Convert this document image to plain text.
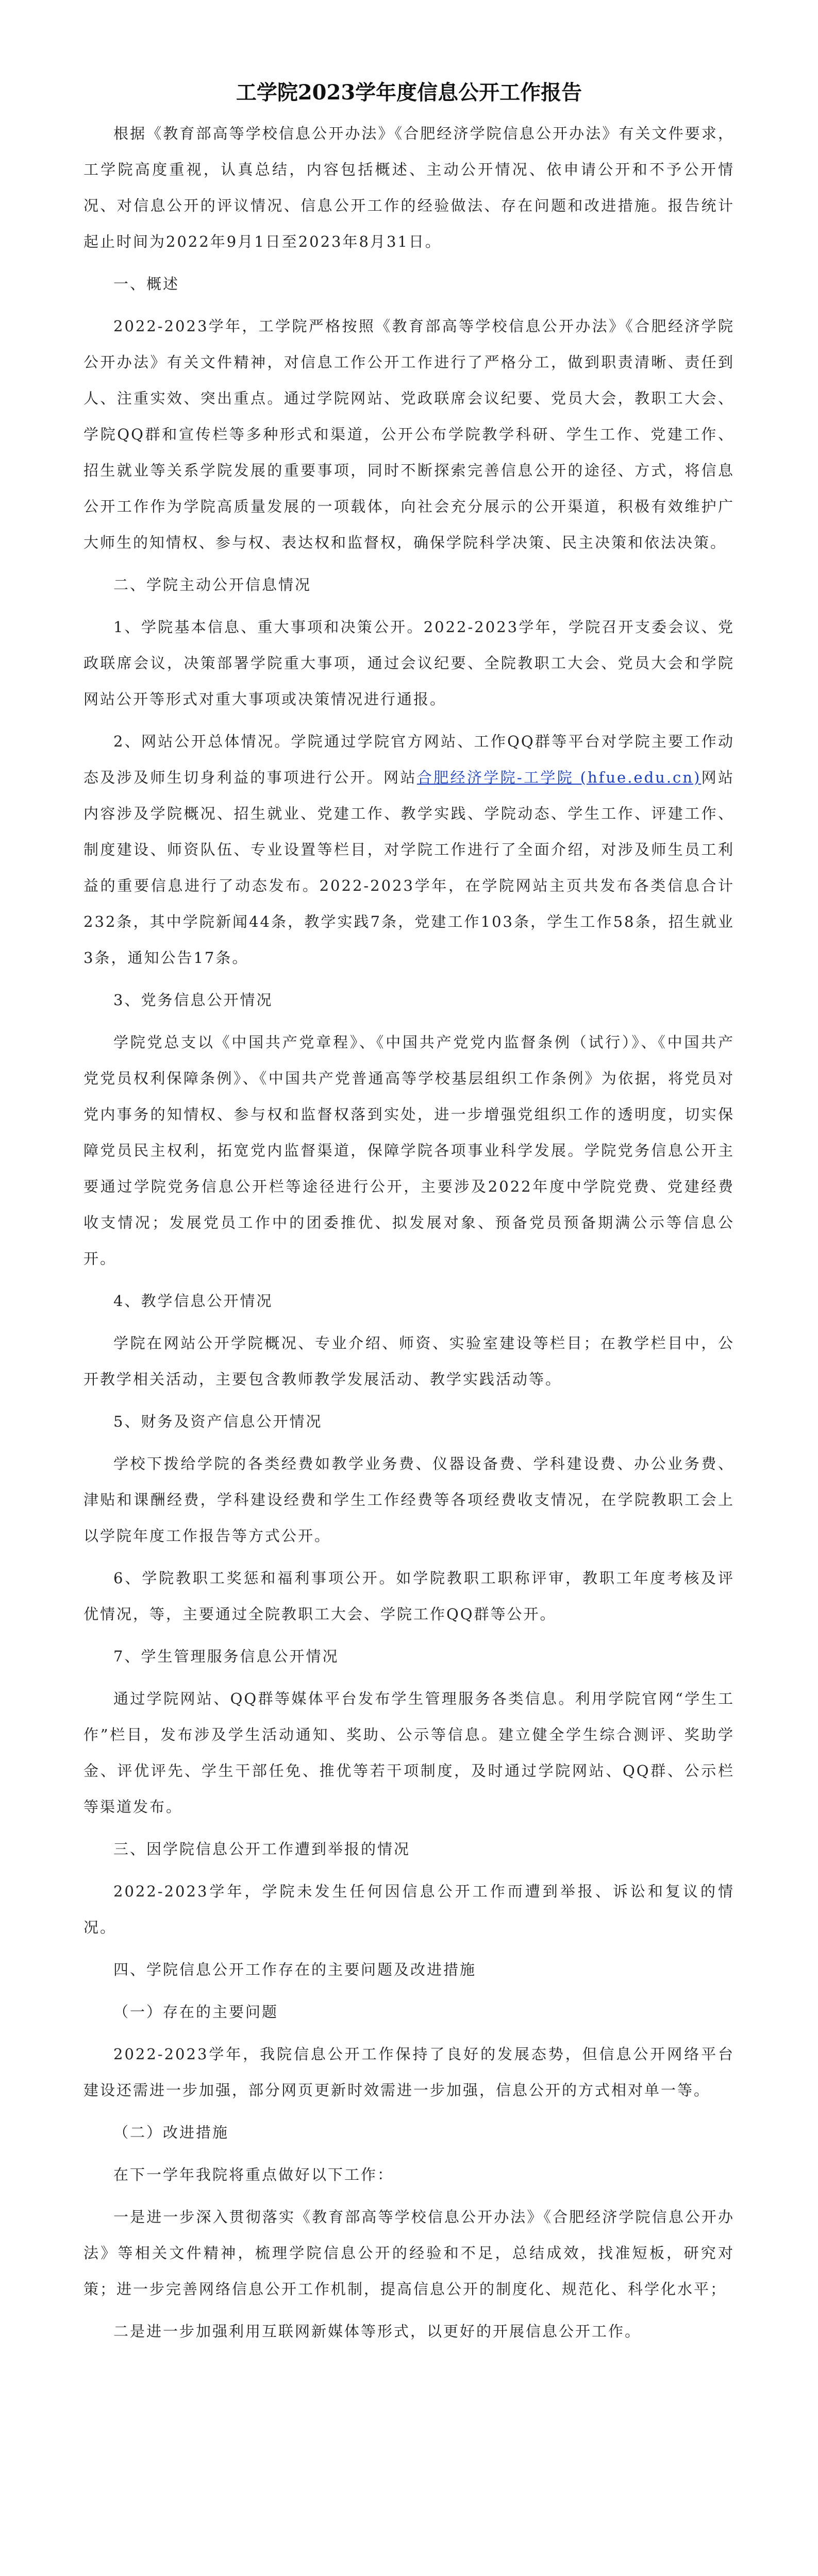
工学院2023学年度信息公开工作报告

根据《教育部高等学校信息公开办法》《合肥经济学院信息公开办法》有关文件要求，工学院高度重视，认真总结，内容包括概述、主动公开情况、依申请公开和不予公开情况、对信息公开的评议情况、信息公开工作的经验做法、存在问题和改进措施。报告统计起止时间为2022年9月1日至2023年8月31日。

一、概述

2022-2023学年，工学院严格按照《教育部高等学校信息公开办法》《合肥经济学院公开办法》有关文件精神，对信息工作公开工作进行了严格分工，做到职责清晰、责任到人、注重实效、突出重点。通过学院网站、党政联席会议纪要、党员大会，教职工大会、学院QQ群和宣传栏等多种形式和渠道，公开公布学院教学科研、学生工作、党建工作、招生就业等关系学院发展的重要事项，同时不断探索完善信息公开的途径、方式，将信息公开工作作为学院高质量发展的一项载体，向社会充分展示的公开渠道，积极有效维护广大师生的知情权、参与权、表达权和监督权，确保学院科学决策、民主决策和依法决策。

二、学院主动公开信息情况

1、学院基本信息、重大事项和决策公开。2022-2023学年，学院召开支委会议、党政联席会议，决策部署学院重大事项，通过会议纪要、全院教职工大会、党员大会和学院网站公开等形式对重大事项或决策情况进行通报。

2、网站公开总体情况。学院通过学院官方网站、工作QQ群等平台对学院主要工作动态及涉及师生切身利益的事项进行公开。网站合肥经济学院-工学院 (hfue.edu.cn)网站内容涉及学院概况、招生就业、党建工作、教学实践、学院动态、学生工作、评建工作、制度建设、师资队伍、专业设置等栏目，对学院工作进行了全面介绍，对涉及师生员工利益的重要信息进行了动态发布。2022-2023学年，在学院网站主页共发布各类信息合计232条，其中学院新闻44条，教学实践7条，党建工作103条，学生工作58条，招生就业3条，通知公告17条。

3、党务信息公开情况

学院党总支以《中国共产党章程》、《中国共产党党内监督条例（试行）》、《中国共产党党员权利保障条例》、《中国共产党普通高等学校基层组织工作条例》为依据，将党员对党内事务的知情权、参与权和监督权落到实处，进一步增强党组织工作的透明度，切实保障党员民主权利，拓宽党内监督渠道，保障学院各项事业科学发展。学院党务信息公开主要通过学院党务信息公开栏等途径进行公开，主要涉及2022年度中学院党费、党建经费收支情况；发展党员工作中的团委推优、拟发展对象、预备党员预备期满公示等信息公开。

4、教学信息公开情况

学院在网站公开学院概况、专业介绍、师资、实验室建设等栏目；在教学栏目中，公开教学相关活动，主要包含教师教学发展活动、教学实践活动等。

5、财务及资产信息公开情况

学校下拨给学院的各类经费如教学业务费、仪器设备费、学科建设费、办公业务费、津贴和课酬经费，学科建设经费和学生工作经费等各项经费收支情况，在学院教职工会上以学院年度工作报告等方式公开。

6、学院教职工奖惩和福利事项公开。如学院教职工职称评审，教职工年度考核及评优情况，等，主要通过全院教职工大会、学院工作QQ群等公开。

7、学生管理服务信息公开情况

通过学院网站、QQ群等媒体平台发布学生管理服务各类信息。利用学院官网“学生工作”栏目，发布涉及学生活动通知、奖助、公示等信息。建立健全学生综合测评、奖助学金、评优评先、学生干部任免、推优等若干项制度，及时通过学院网站、QQ群、公示栏等渠道发布。

三、因学院信息公开工作遭到举报的情况

2022-2023学年，学院未发生任何因信息公开工作而遭到举报、诉讼和复议的情况。

四、学院信息公开工作存在的主要问题及改进措施

（一）存在的主要问题

2022-2023学年，我院信息公开工作保持了良好的发展态势，但信息公开网络平台建设还需进一步加强，部分网页更新时效需进一步加强，信息公开的方式相对单一等。

（二）改进措施

在下一学年我院将重点做好以下工作：

一是进一步深入贯彻落实《教育部高等学校信息公开办法》《合肥经济学院信息公开办法》等相关文件精神，梳理学院信息公开的经验和不足，总结成效，找准短板，研究对策；进一步完善网络信息公开工作机制，提高信息公开的制度化、规范化、科学化水平；

二是进一步加强利用互联网新媒体等形式，以更好的开展信息公开工作。
